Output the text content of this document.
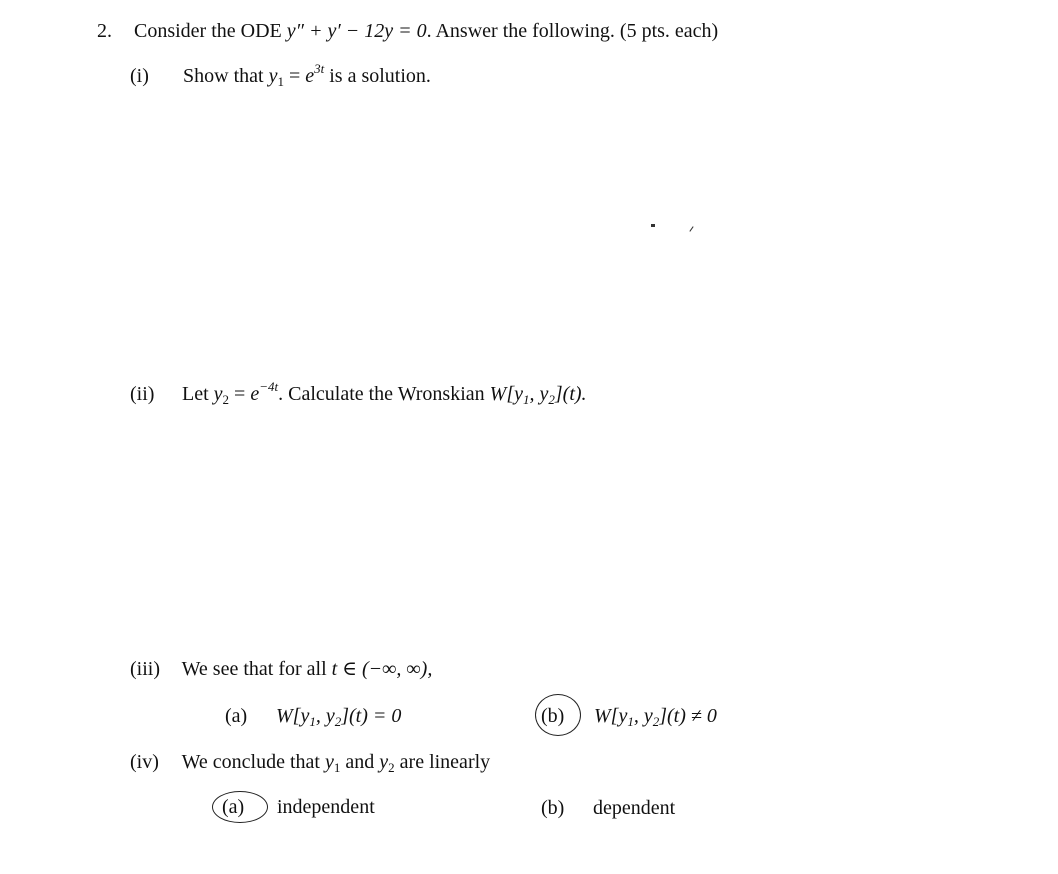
2. Consider the ODE y″ + y′ − 12y = 0. Answer the following. (5 pts. each)
(i) Show that $y_1 = e^{3t}$ is a solution.
(ii) Let $y_2 = e^{-4t}$. Calculate the Wronskian $W[y_1$, $y_2](t)$.
(iii) We see that for all t ∈ (−∞, ∞),
(a) $W[y_1$, $y_2](t) = 0$	(b) $W[y_1$, $y_2](t) \ne 0$
(iv) We conclude that $y_1$ and $y_2$ are linearly
(a) independent	(b) dependent
